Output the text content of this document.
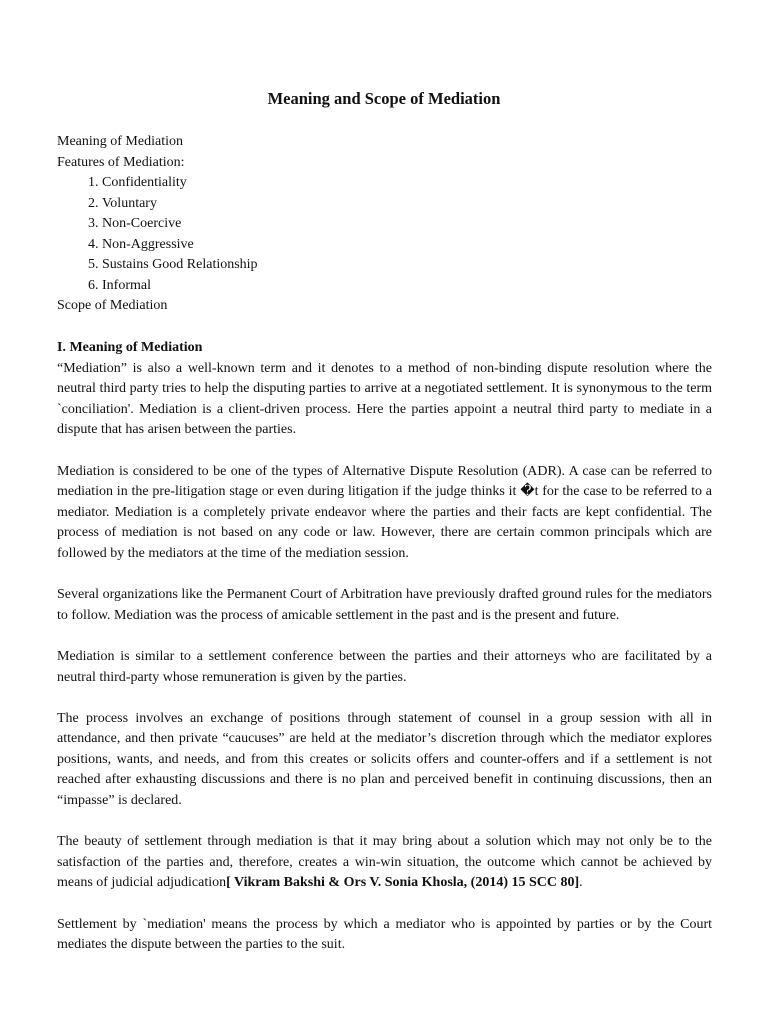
Meaning and Scope of Mediation
Meaning of Mediation
Features of Mediation:
1. Confidentiality
2. Voluntary
3. Non-Coercive
4. Non-Aggressive
5. Sustains Good Relationship
6. Informal
Scope of Mediation
I. Meaning of Mediation

“Mediation” is also a well-known term and it denotes to a method of non-binding dispute resolution where the neutral third party tries to help the disputing parties to arrive at a negotiated settlement. It is synonymous to the term `conciliation'. Mediation is a client-driven process. Here the parties appoint a neutral third party to mediate in a dispute that has arisen between the parties.

Mediation is considered to be one of the types of Alternative Dispute Resolution (ADR). A case can be referred to mediation in the pre-litigation stage or even during litigation if the judge thinks it �t for the case to be referred to a mediator. Mediation is a completely private endeavor where the parties and their facts are kept confidential. The process of mediation is not based on any code or law. However, there are certain common principals which are followed by the mediators at the time of the mediation session.

Several organizations like the Permanent Court of Arbitration have previously drafted ground rules for the mediators to follow. Mediation was the process of amicable settlement in the past and is the present and future.

Mediation is similar to a settlement conference between the parties and their attorneys who are facilitated by a neutral third-party whose remuneration is given by the parties.

The process involves an exchange of positions through statement of counsel in a group session with all in attendance, and then private “caucuses” are held at the mediator’s discretion through which the mediator explores positions, wants, and needs, and from this creates or solicits offers and counter-offers and if a settlement is not reached after exhausting discussions and there is no plan and perceived benefit in continuing discussions, then an “impasse” is declared.

The beauty of settlement through mediation is that it may bring about a solution which may not only be to the satisfaction of the parties and, therefore, creates a win-win situation, the outcome which cannot be achieved by means of judicial adjudication[ Vikram Bakshi & Ors V. Sonia Khosla, (2014) 15 SCC 80].

Settlement by `mediation' means the process by which a mediator who is appointed by parties or by the Court mediates the dispute between the parties to the suit.
